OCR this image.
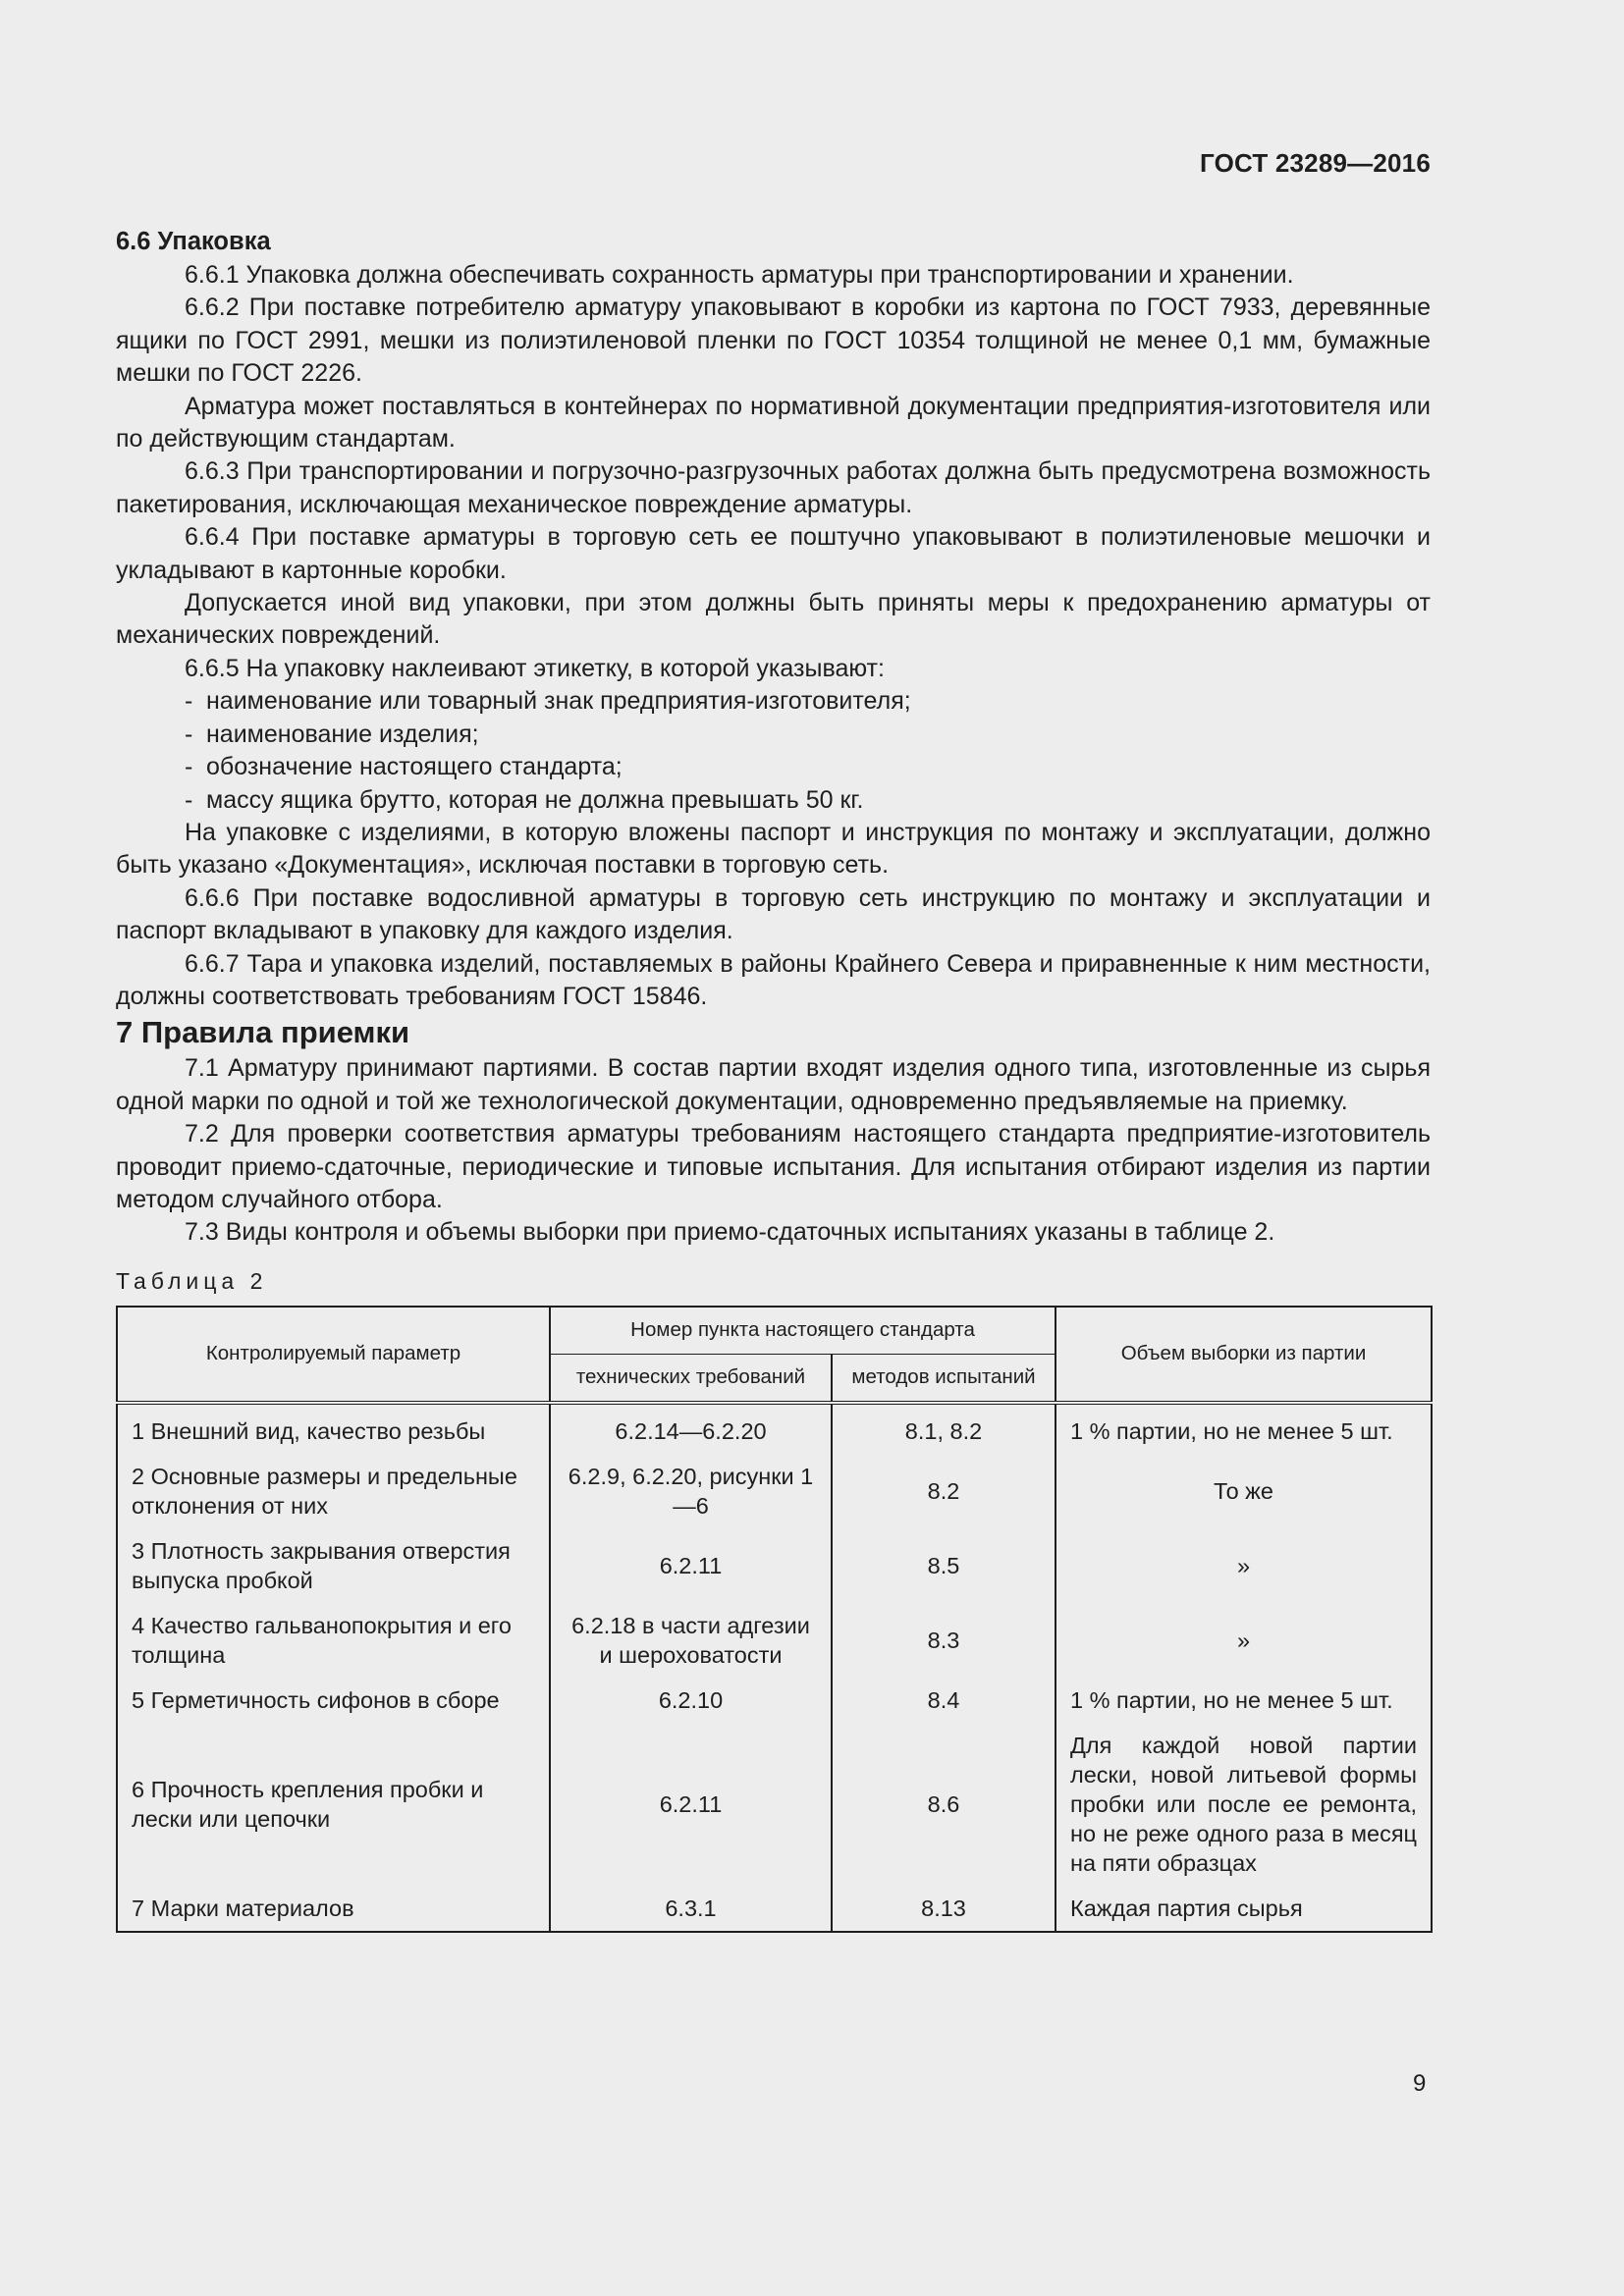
ГОСТ 23289—2016

6.6 Упаковка

6.6.1 Упаковка должна обеспечивать сохранность арматуры при транспортировании и хранении.

6.6.2 При поставке потребителю арматуру упаковывают в коробки из картона по ГОСТ 7933, деревянные ящики по ГОСТ 2991, мешки из полиэтиленовой пленки по ГОСТ 10354 толщиной не менее 0,1 мм, бумажные мешки по ГОСТ 2226.

Арматура может поставляться в контейнерах по нормативной документации предприятия-изготовителя или по действующим стандартам.

6.6.3 При транспортировании и погрузочно-разгрузочных работах должна быть предусмотрена возможность пакетирования, исключающая механическое повреждение арматуры.

6.6.4 При поставке арматуры в торговую сеть ее поштучно упаковывают в полиэтиленовые мешочки и укладывают в картонные коробки.

Допускается иной вид упаковки, при этом должны быть приняты меры к предохранению арматуры от механических повреждений.

6.6.5 На упаковку наклеивают этикетку, в которой указывают:

- наименование или товарный знак предприятия-изготовителя;

- наименование изделия;

- обозначение настоящего стандарта;

- массу ящика брутто, которая не должна превышать 50 кг.

На упаковке с изделиями, в которую вложены паспорт и инструкция по монтажу и эксплуатации, должно быть указано «Документация», исключая поставки в торговую сеть.

6.6.6 При поставке водосливной арматуры в торговую сеть инструкцию по монтажу и эксплуатации и паспорт вкладывают в упаковку для каждого изделия.

6.6.7 Тара и упаковка изделий, поставляемых в районы Крайнего Севера и приравненные к ним местности, должны соответствовать требованиям ГОСТ 15846.

7 Правила приемки

7.1 Арматуру принимают партиями. В состав партии входят изделия одного типа, изготовленные из сырья одной марки по одной и той же технологической документации, одновременно предъявляемые на приемку.

7.2 Для проверки соответствия арматуры требованиям настоящего стандарта предприятие-изготовитель проводит приемо-сдаточные, периодические и типовые испытания. Для испытания отбирают изделия из партии методом случайного отбора.

7.3 Виды контроля и объемы выборки при приемо-сдаточных испытаниях указаны в таблице 2.

Таблица 2
Контролируемый параметр	Номер пункта настоящего стандарта		Объем выборки из партии
	технических требований	методов испытаний	
1 Внешний вид, качество резьбы	6.2.14—6.2.20	8.1, 8.2	1 % партии, но не менее 5 шт.
2 Основные размеры и предельные отклонения от них	6.2.9, 6.2.20, рисунки 1—6	8.2	То же
3 Плотность закрывания отверстия выпуска пробкой	6.2.11	8.5	»
4 Качество гальванопокрытия и его толщина	6.2.18 в части адгезии и шероховатости	8.3	»
5 Герметичность сифонов в сборе	6.2.10	8.4	1 % партии, но не менее 5 шт.
6 Прочность крепления пробки и лески или цепочки	6.2.11	8.6	Для каждой новой партии лески, новой литьевой формы пробки или после ее ремонта, но не реже одного раза в месяц на пяти образцах
7 Марки материалов	6.3.1	8.13	Каждая партия сырья
9
